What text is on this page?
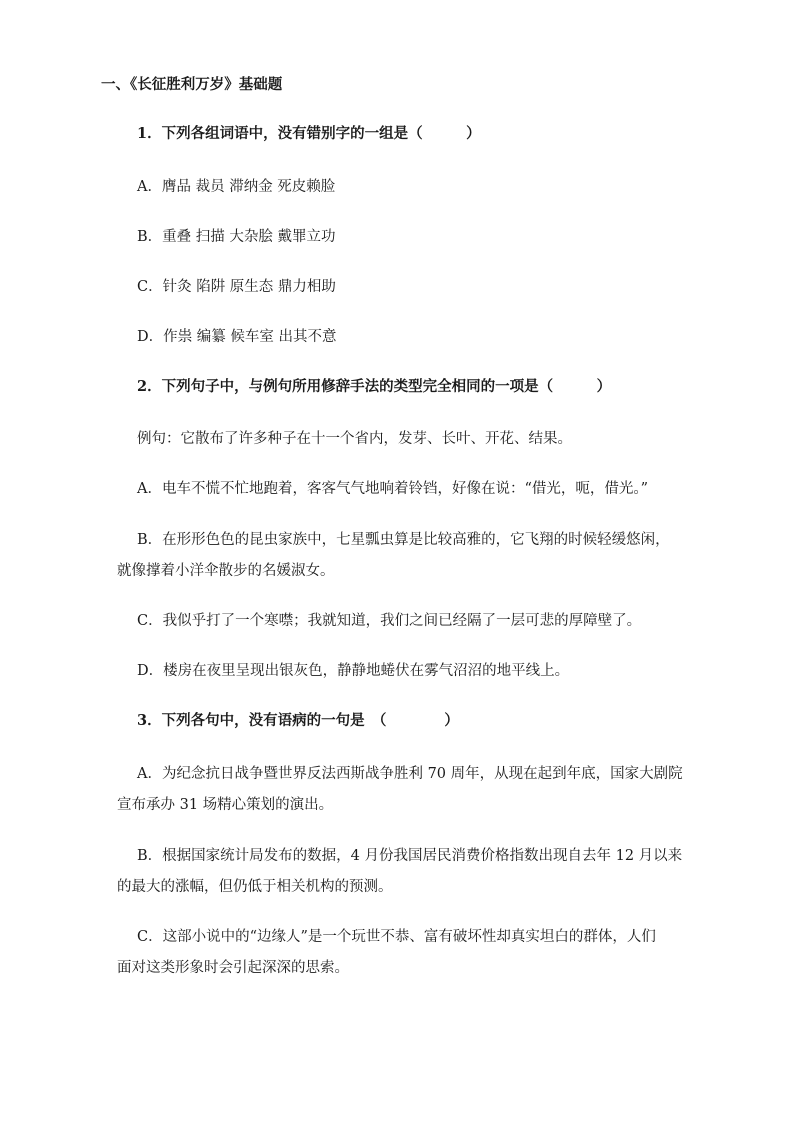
一、《长征胜利万岁》基础题
1．下列各组词语中，没有错别字的一组是（　　　）
A．膺品 裁员 滞纳金 死皮赖脸
B．重叠 扫描 大杂脍 戴罪立功
C．针灸 陷阱 原生态 鼎力相助
D．作祟 编纂 候车室 出其不意
2．下列句子中，与例句所用修辞手法的类型完全相同的一项是（　　　）
例句：它散布了许多种子在十一个省内，发芽、长叶、开花、结果。
A．电车不慌不忙地跑着，客客气气地响着铃铛，好像在说：“借光，呃，借光。”
B．在形形色色的昆虫家族中，七星瓢虫算是比较高雅的，它飞翔的时候轻缓悠闲，
就像撑着小洋伞散步的名媛淑女。
C．我似乎打了一个寒噤；我就知道，我们之间已经隔了一层可悲的厚障壁了。
D．楼房在夜里呈现出银灰色，静静地蜷伏在雾气沼沼的地平线上。
3．下列各句中，没有语病的一句是　（　　　　）
A．为纪念抗日战争暨世界反法西斯战争胜利 70 周年，从现在起到年底，国家大剧院
宣布承办 31 场精心策划的演出。
B．根据国家统计局发布的数据，4 月份我国居民消费价格指数出现自去年 12 月以来
的最大的涨幅，但仍低于相关机构的预测。
C．这部小说中的“边缘人”是一个玩世不恭、富有破坏性却真实坦白的群体，人们
面对这类形象时会引起深深的思索。
